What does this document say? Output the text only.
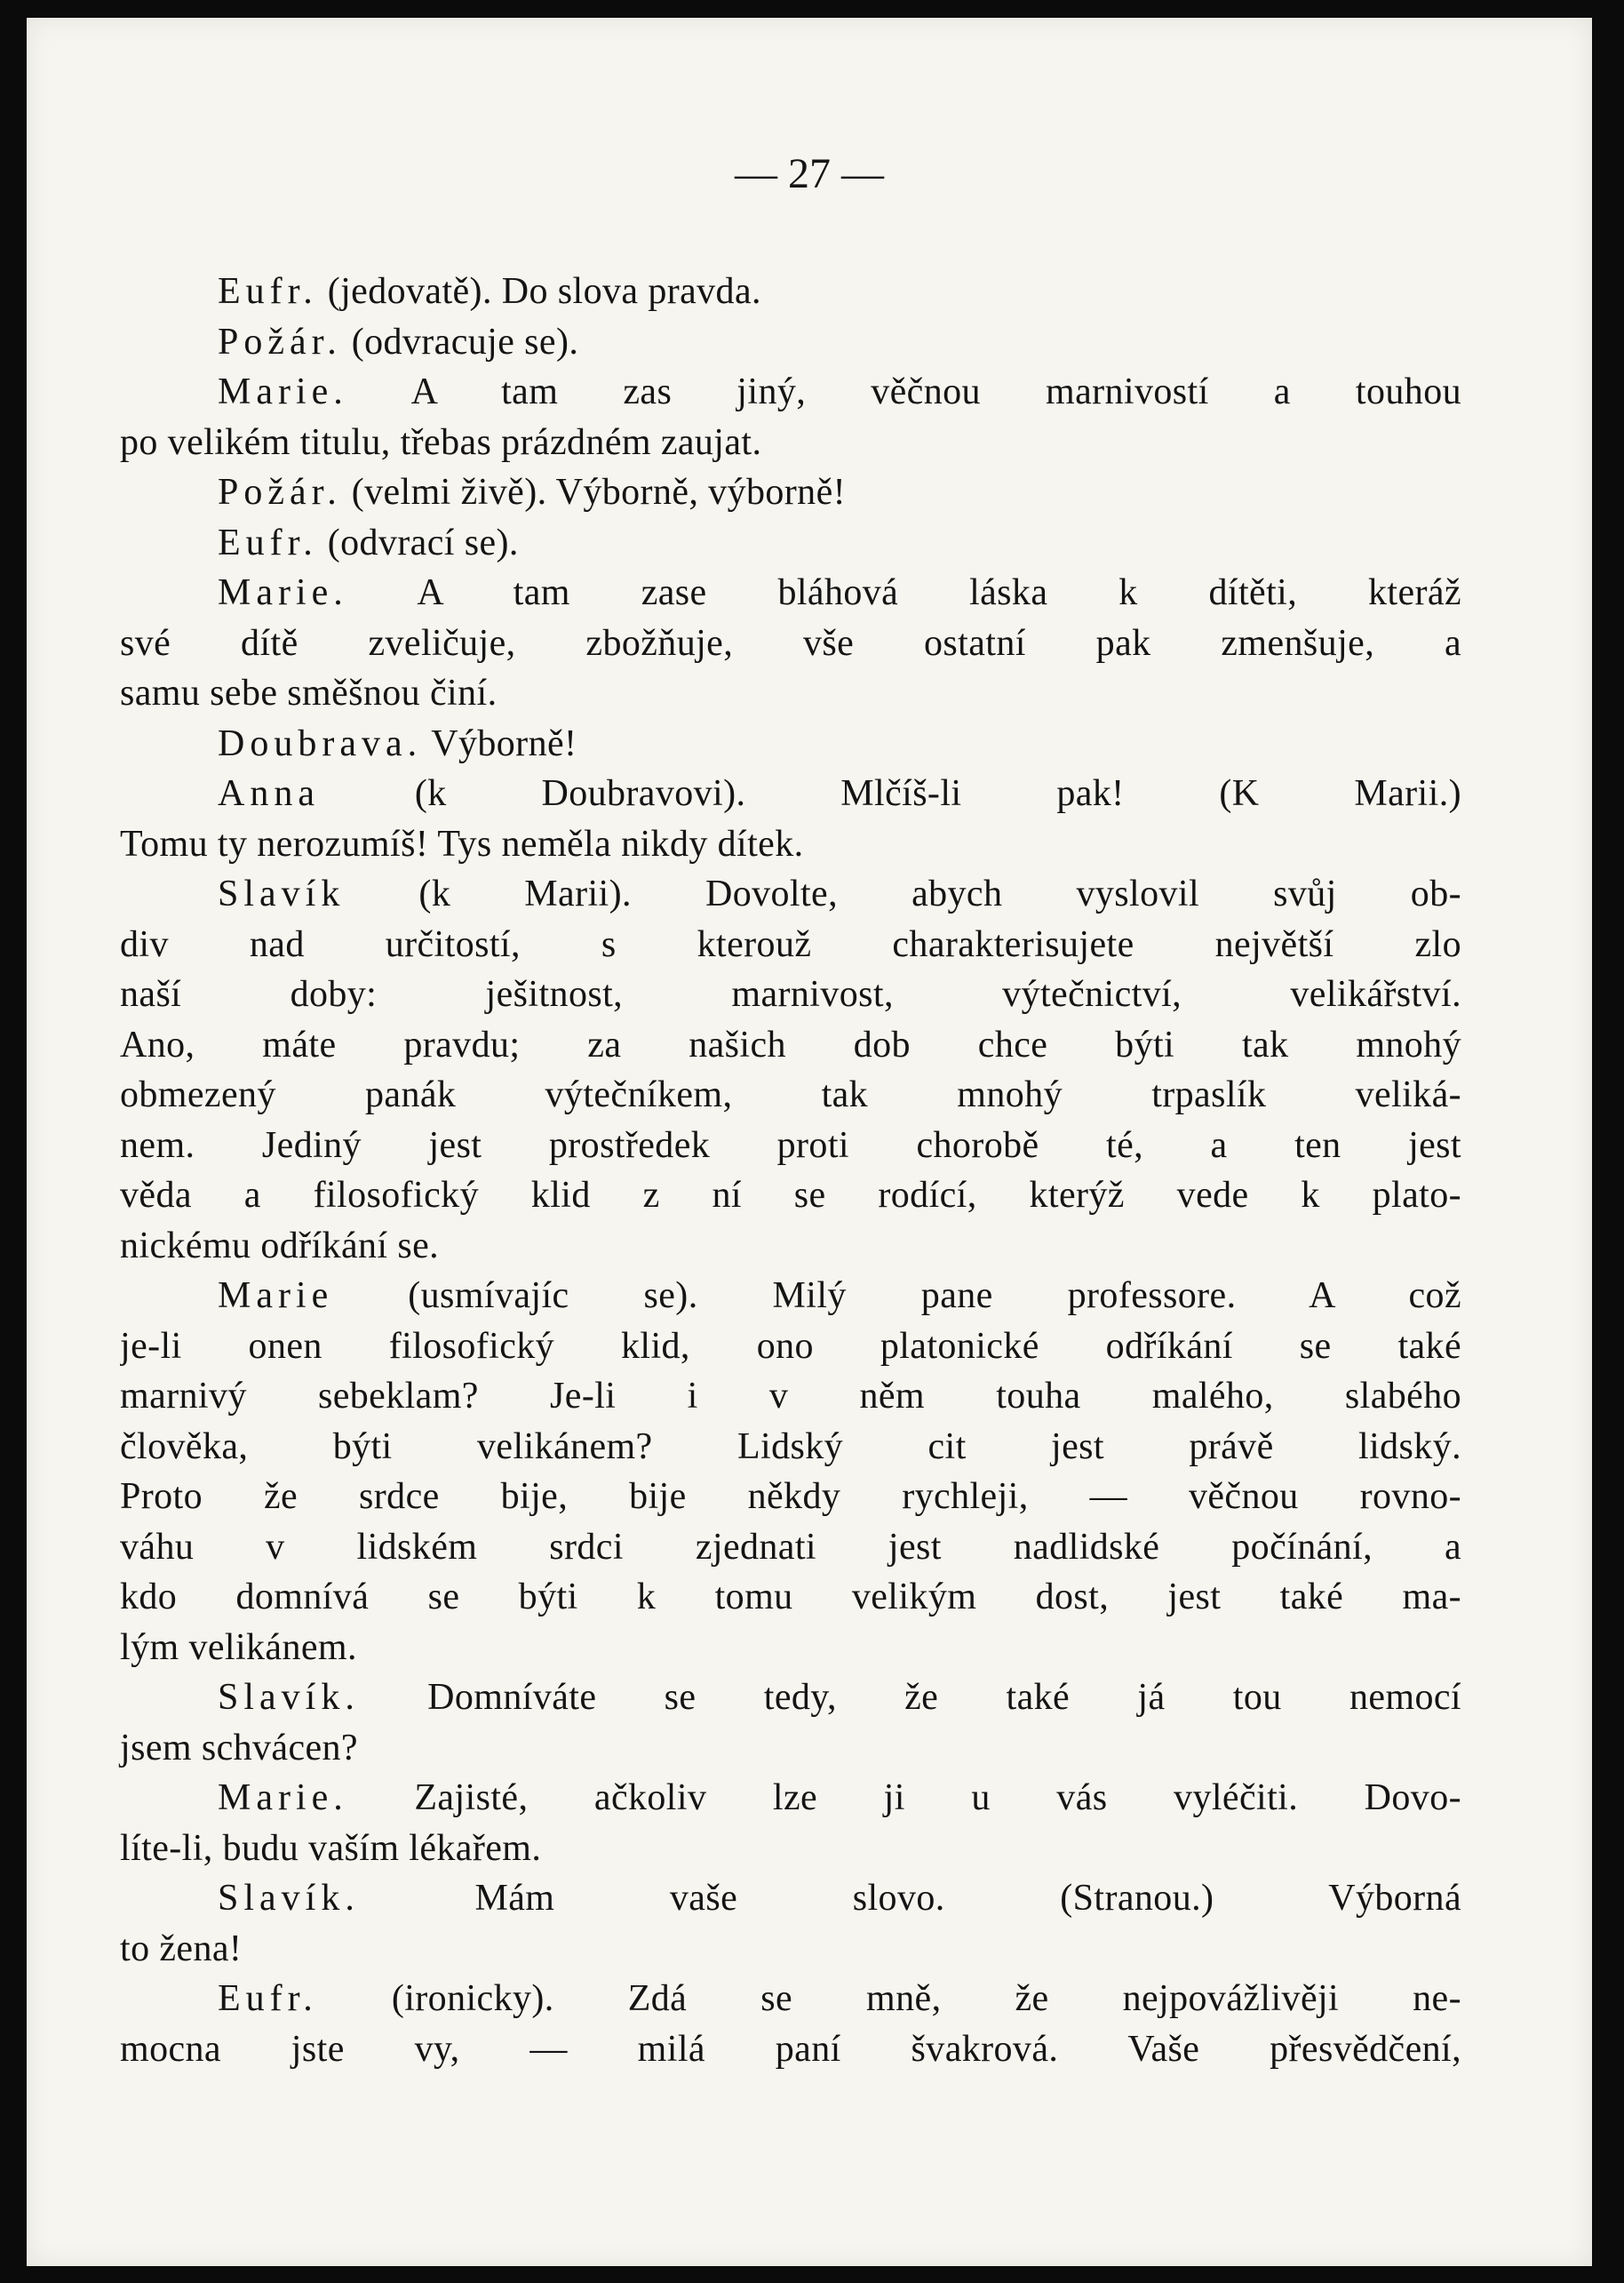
— 27 —
Eufr. (jedovatě). Do slova pravda.
Požár. (odvracuje se).
Marie. A tam zas jiný, věčnou marnivostí a touhou
po velikém titulu, třebas prázdném zaujat.
Požár. (velmi živě). Výborně, výborně!
Eufr. (odvrací se).
Marie. A tam zase bláhová láska k dítěti, kteráž
své dítě zveličuje, zbožňuje, vše ostatní pak zmenšuje, a
samu sebe směšnou činí.
Doubrava. Výborně!
Anna (k Doubravovi). Mlčíš-li pak! (K Marii.)
Tomu ty nerozumíš! Tys neměla nikdy dítek.
Slavík (k Marii). Dovolte, abych vyslovil svůj ob-
div nad určitostí, s kterouž charakterisujete největší zlo
naší doby: ješitnost, marnivost, výtečnictví, velikářství.
Ano, máte pravdu; za našich dob chce býti tak mnohý
obmezený panák výtečníkem, tak mnohý trpaslík veliká-
nem. Jediný jest prostředek proti chorobě té, a ten jest
věda a filosofický klid z ní se rodící, kterýž vede k plato-
nickému odříkání se.
Marie (usmívajíc se). Milý pane professore. A což
je-li onen filosofický klid, ono platonické odříkání se také
marnivý sebeklam? Je-li i v něm touha malého, slabého
člověka, býti velikánem? Lidský cit jest právě lidský.
Proto že srdce bije, bije někdy rychleji, — věčnou rovno-
váhu v lidském srdci zjednati jest nadlidské počínání, a
kdo domnívá se býti k tomu velikým dost, jest také ma-
lým velikánem.
Slavík. Domníváte se tedy, že také já tou nemocí
jsem schvácen?
Marie. Zajisté, ačkoliv lze ji u vás vyléčiti. Dovo-
líte-li, budu vaším lékařem.
Slavík. Mám vaše slovo. (Stranou.) Výborná
to žena!
Eufr. (ironicky). Zdá se mně, že nejpovážlivěji ne-
mocna jste vy, — milá paní švakrová. Vaše přesvědčení,
